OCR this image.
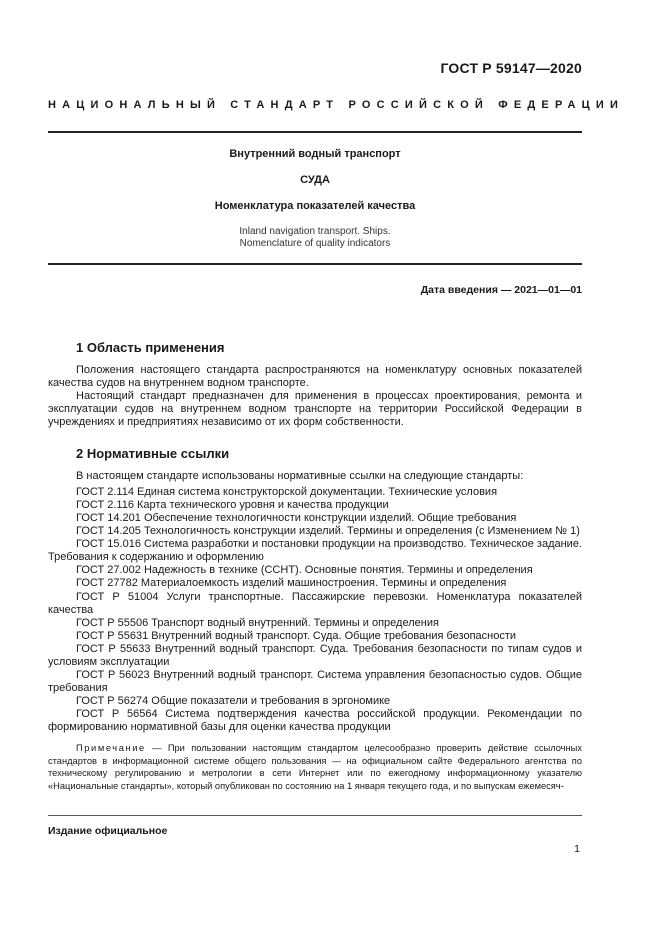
ГОСТ Р 59147—2020
НАЦИОНАЛЬНЫЙ СТАНДАРТ РОССИЙСКОЙ ФЕДЕРАЦИИ
Внутренний водный транспорт
СУДА
Номенклатура показателей качества
Inland navigation transport. Ships.
Nomenclature of quality indicators
Дата введения — 2021—01—01
1 Область применения
Положения настоящего стандарта распространяются на номенклатуру основных показателей качества судов на внутреннем водном транспорте.
Настоящий стандарт предназначен для применения в процессах проектирования, ремонта и эксплуатации судов на внутреннем водном транспорте на территории Российской Федерации в учреждениях и предприятиях независимо от их форм собственности.
2 Нормативные ссылки
В настоящем стандарте использованы нормативные ссылки на следующие стандарты:
ГОСТ 2.114 Единая система конструкторской документации. Технические условия
ГОСТ 2.116 Карта технического уровня и качества продукции
ГОСТ 14.201 Обеспечение технологичности конструкции изделий. Общие требования
ГОСТ 14.205 Технологичность конструкции изделий. Термины и определения (с Изменением № 1)
ГОСТ 15.016 Система разработки и постановки продукции на производство. Техническое задание. Требования к содержанию и оформлению
ГОСТ 27.002 Надежность в технике (ССНТ). Основные понятия. Термины и определения
ГОСТ 27782 Материалоемкость изделий машиностроения. Термины и определения
ГОСТ Р 51004 Услуги транспортные. Пассажирские перевозки. Номенклатура показателей качества
ГОСТ Р 55506 Транспорт водный внутренний. Термины и определения
ГОСТ Р 55631 Внутренний водный транспорт. Суда. Общие требования безопасности
ГОСТ Р 55633 Внутренний водный транспорт. Суда. Требования безопасности по типам судов и условиям эксплуатации
ГОСТ Р 56023 Внутренний водный транспорт. Система управления безопасностью судов. Общие требования
ГОСТ Р 56274 Общие показатели и требования в эргономике
ГОСТ Р 56564 Система подтверждения качества российской продукции. Рекомендации по формированию нормативной базы для оценки качества продукции
Примечание — При пользовании настоящим стандартом целесообразно проверить действие ссылочных стандартов в информационной системе общего пользования — на официальном сайте Федерального агентства по техническому регулированию и метрологии в сети Интернет или по ежегодному информационному указателю «Национальные стандарты», который опубликован по состоянию на 1 января текущего года, и по выпускам ежемесяч-
Издание официальное
1
